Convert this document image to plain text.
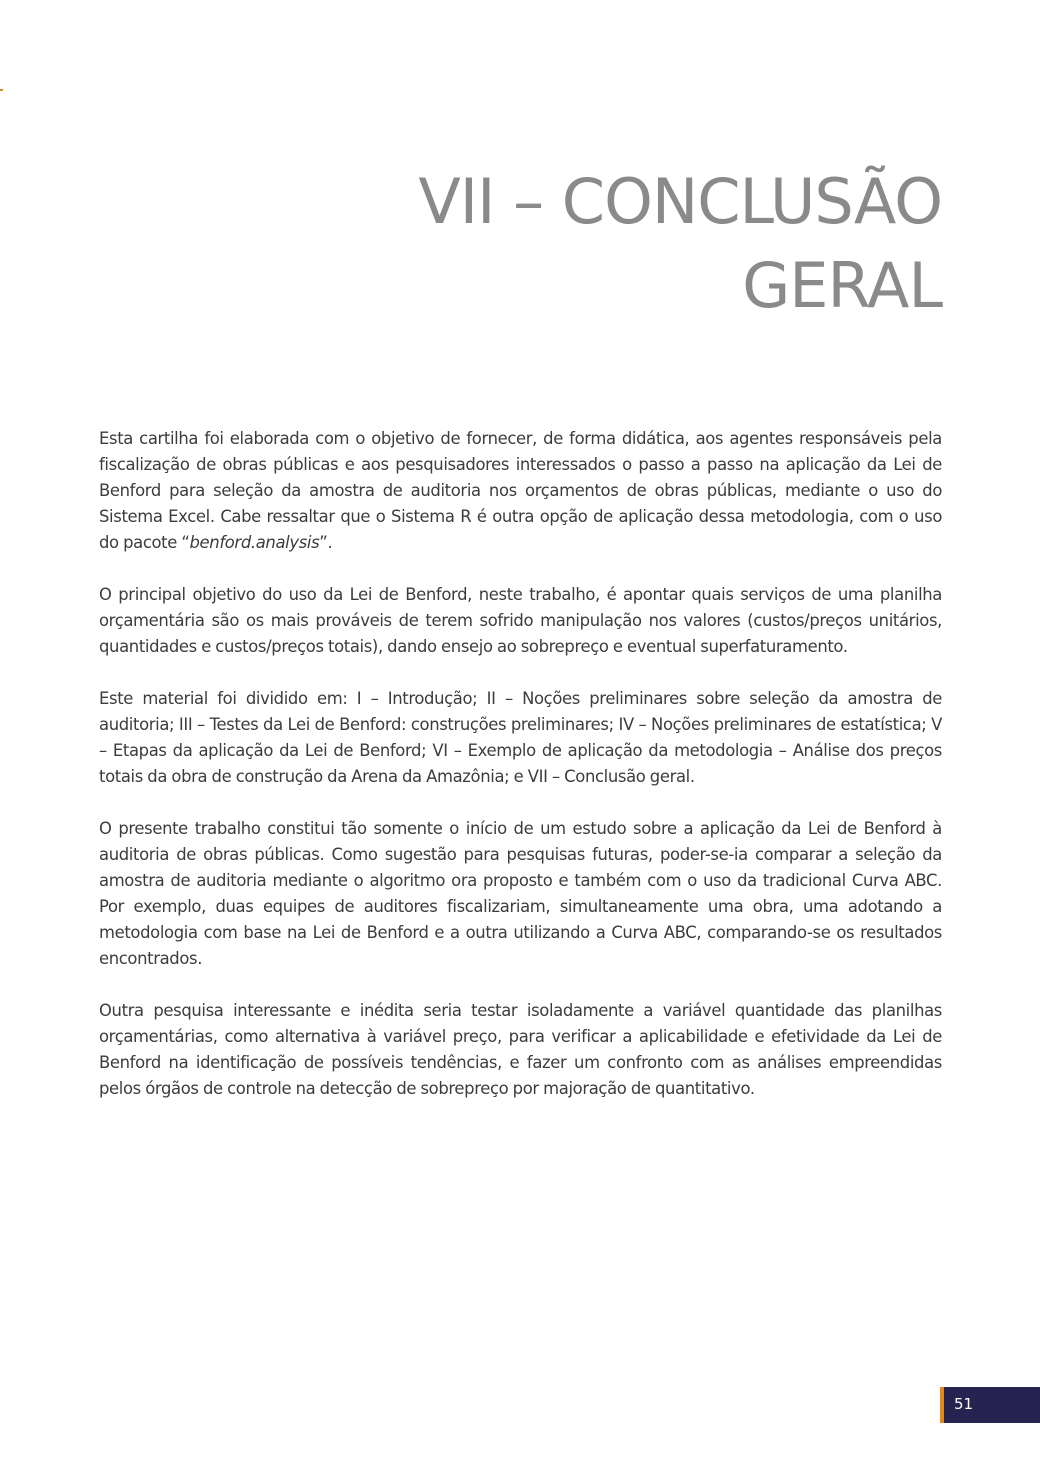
VII – CONCLUSÃO
GERAL

Esta cartilha foi elaborada com o objetivo de fornecer, de forma didática, aos agentes responsáveis pela fiscalização de obras públicas e aos pesquisadores interessados o passo a passo na aplicação da Lei de Benford para seleção da amostra de auditoria nos orçamentos de obras públicas, mediante o uso do Sistema Excel. Cabe ressaltar que o Sistema R é outra opção de aplicação dessa metodologia, com o uso do pacote “benford.analysis”.

O principal objetivo do uso da Lei de Benford, neste trabalho, é apontar quais serviços de uma planilha orçamentária são os mais prováveis de terem sofrido manipulação nos valores (custos/preços unitários, quantidades e custos/preços totais), dando ensejo ao sobrepreço e eventual superfaturamento.

Este material foi dividido em: I – Introdução; II – Noções preliminares sobre seleção da amostra de auditoria; III – Testes da Lei de Benford: construções preliminares; IV – Noções preliminares de estatística; V – Etapas da aplicação da Lei de Benford; VI – Exemplo de aplicação da metodologia – Análise dos preços totais da obra de construção da Arena da Amazônia; e VII – Conclusão geral.

O presente trabalho constitui tão somente o início de um estudo sobre a aplicação da Lei de Benford à auditoria de obras públicas. Como sugestão para pesquisas futuras, poder-se-ia comparar a seleção da amostra de auditoria mediante o algoritmo ora proposto e também com o uso da tradicional Curva ABC. Por exemplo, duas equipes de auditores fiscalizariam, simultaneamente uma obra, uma adotando a metodologia com base na Lei de Benford e a outra utilizando a Curva ABC, comparando-se os resultados encontrados.

Outra pesquisa interessante e inédita seria testar isoladamente a variável quantidade das planilhas orçamentárias, como alternativa à variável preço, para verificar a aplicabilidade e efetividade da Lei de Benford na identificação de possíveis tendências, e fazer um confronto com as análises empreendidas pelos órgãos de controle na detecção de sobrepreço por majoração de quantitativo.

51
